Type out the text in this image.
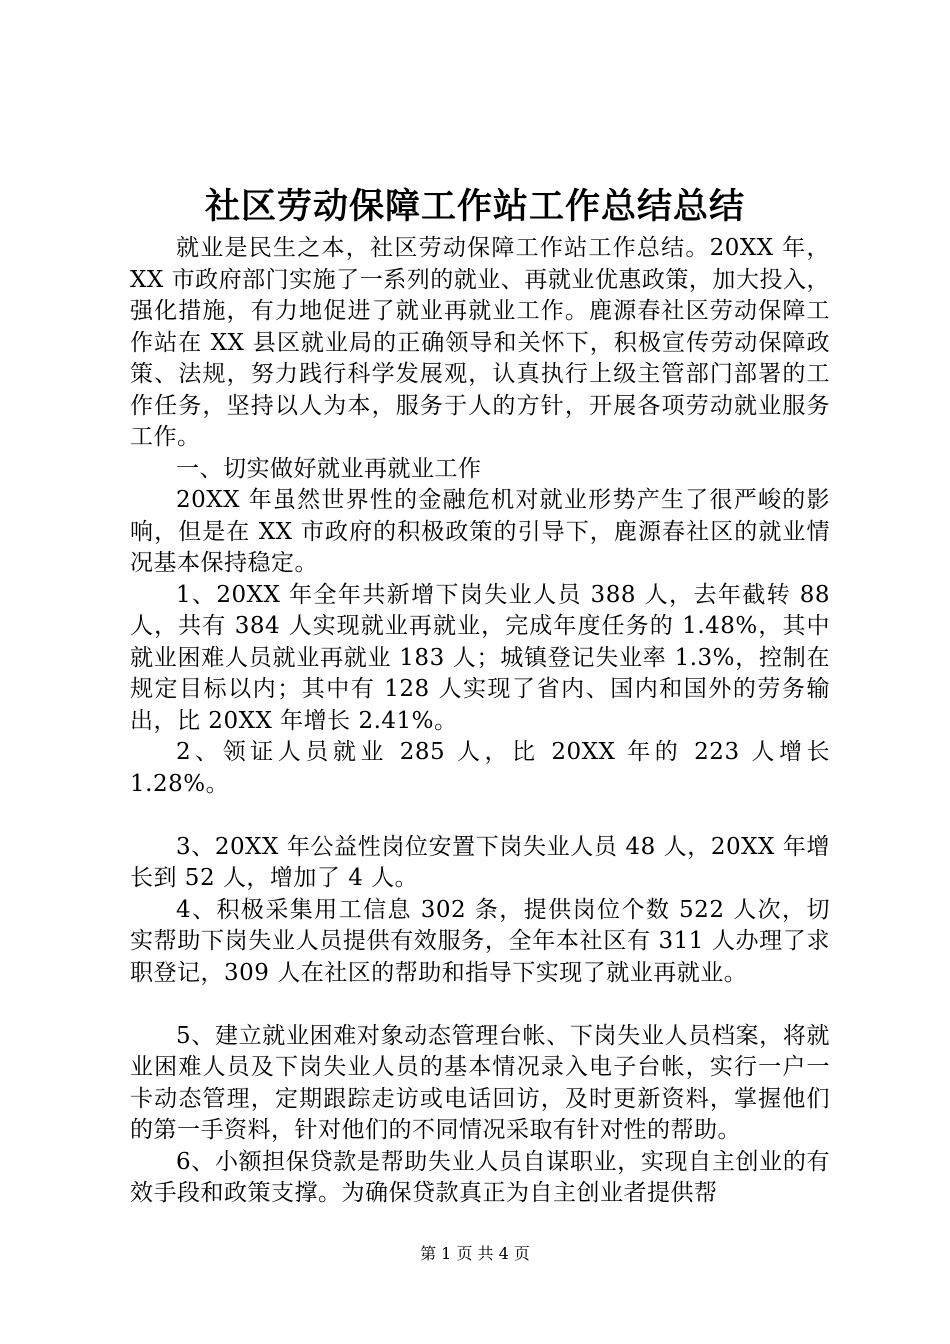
社区劳动保障工作站工作总结总结

就业是民生之本，社区劳动保障工作站工作总结。20XX 年，XX 市政府部门实施了一系列的就业、再就业优惠政策，加大投入，强化措施，有力地促进了就业再就业工作。鹿源春社区劳动保障工作站在 XX 县区就业局的正确领导和关怀下，积极宣传劳动保障政策、法规，努力践行科学发展观，认真执行上级主管部门部署的工作任务，坚持以人为本，服务于人的方针，开展各项劳动就业服务工作。

一、切实做好就业再就业工作

20XX 年虽然世界性的金融危机对就业形势产生了很严峻的影响，但是在 XX 市政府的积极政策的引导下，鹿源春社区的就业情况基本保持稳定。

1、20XX 年全年共新增下岗失业人员 388 人，去年截转 88 人，共有 384 人实现就业再就业，完成年度任务的 1.48%，其中就业困难人员就业再就业 183 人；城镇登记失业率 1.3%，控制在规定目标以内；其中有 128 人实现了省内、国内和国外的劳务输出，比 20XX 年增长 2.41%。

2、领证人员就业 285 人，比 20XX 年的 223 人增长 1.28%。

3、20XX 年公益性岗位安置下岗失业人员 48 人，20XX 年增长到 52 人，增加了 4 人。

4、积极采集用工信息 302 条，提供岗位个数 522 人次，切实帮助下岗失业人员提供有效服务，全年本社区有 311 人办理了求职登记，309 人在社区的帮助和指导下实现了就业再就业。

5、建立就业困难对象动态管理台帐、下岗失业人员档案，将就业困难人员及下岗失业人员的基本情况录入电子台帐，实行一户一卡动态管理，定期跟踪走访或电话回访，及时更新资料，掌握他们的第一手资料，针对他们的不同情况采取有针对性的帮助。

6、小额担保贷款是帮助失业人员自谋职业，实现自主创业的有效手段和政策支撑。为确保贷款真正为自主创业者提供帮

第 1 页 共 4 页
